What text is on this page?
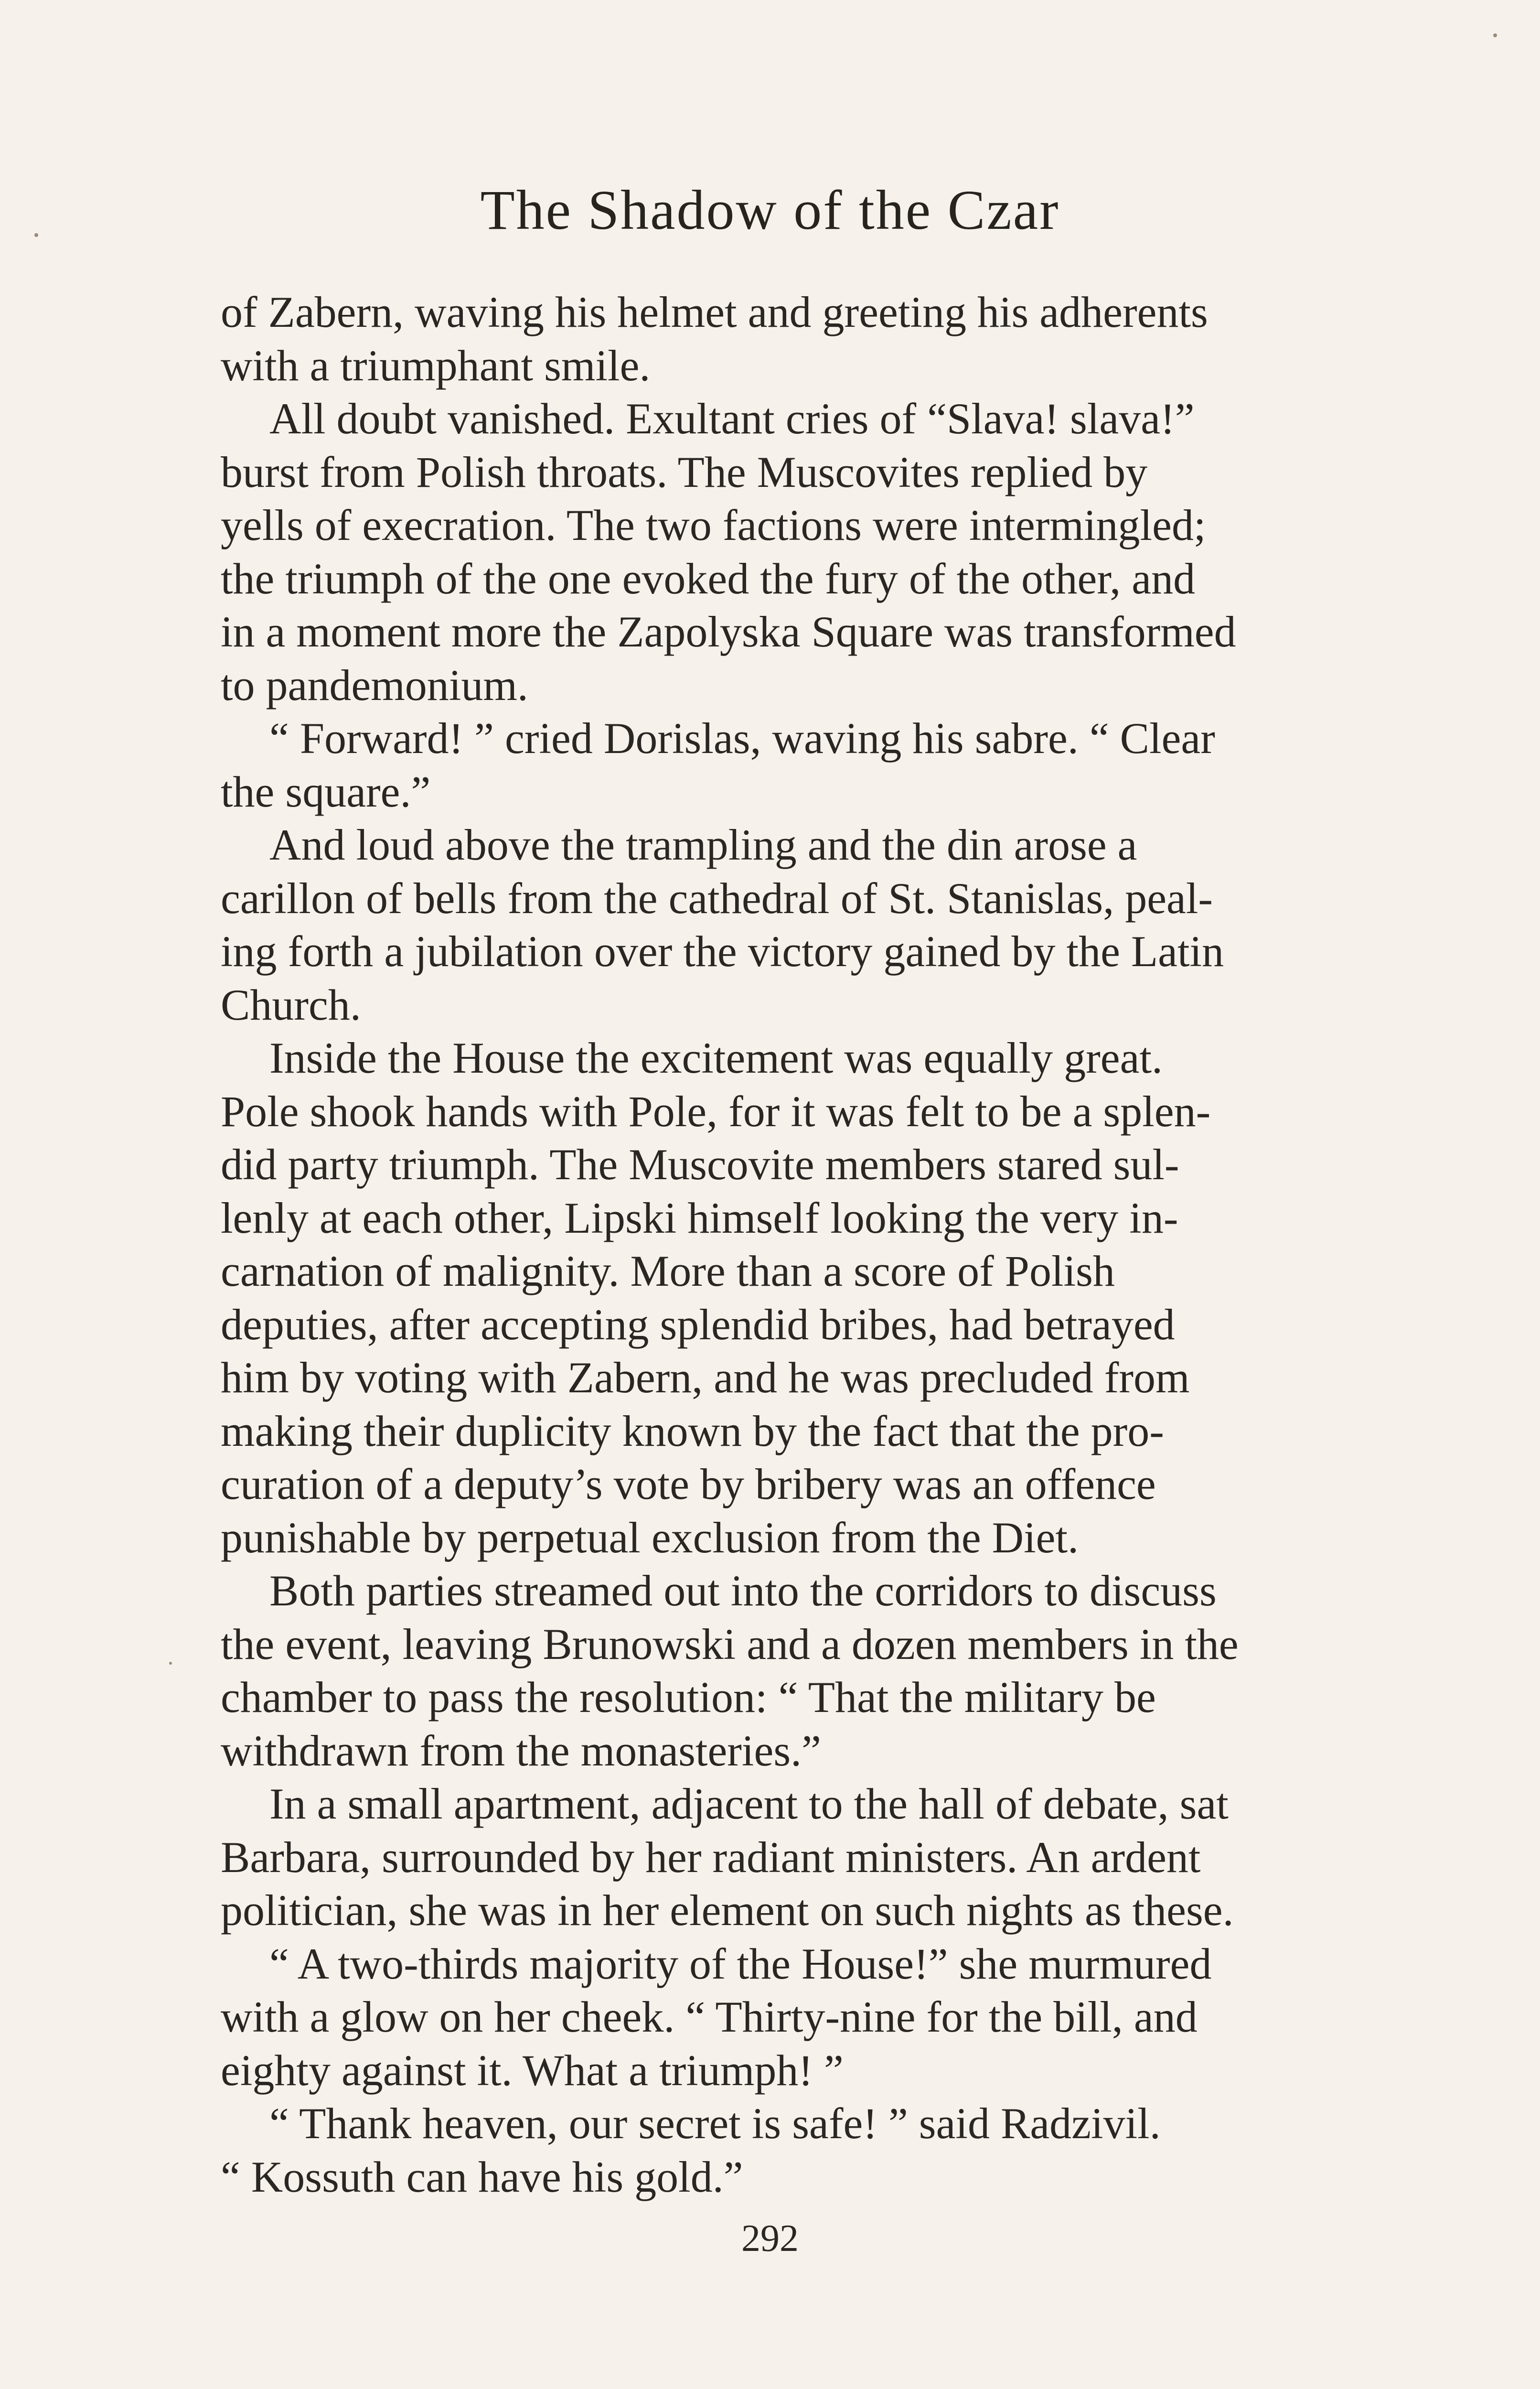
The Shadow of the Czar

of Zabern, waving his helmet and greeting his adherents
with a triumphant smile.

All doubt vanished. Exultant cries of “Slava! slava!”
burst from Polish throats. The Muscovites replied by
yells of execration. The two factions were intermingled;
the triumph of the one evoked the fury of the other, and
in a moment more the Zapolyska Square was transformed
to pandemonium.

“ Forward! ” cried Dorislas, waving his sabre. “ Clear
the square.”

And loud above the trampling and the din arose a
carillon of bells from the cathedral of St. Stanislas, peal-
ing forth a jubilation over the victory gained by the Latin
Church.

Inside the House the excitement was equally great.
Pole shook hands with Pole, for it was felt to be a splen-
did party triumph. The Muscovite members stared sul-
lenly at each other, Lipski himself looking the very in-
carnation of malignity. More than a score of Polish
deputies, after accepting splendid bribes, had betrayed
him by voting with Zabern, and he was precluded from
making their duplicity known by the fact that the pro-
curation of a deputy’s vote by bribery was an offence
punishable by perpetual exclusion from the Diet.

Both parties streamed out into the corridors to discuss
the event, leaving Brunowski and a dozen members in the
chamber to pass the resolution: “ That the military be
withdrawn from the monasteries.”

In a small apartment, adjacent to the hall of debate, sat
Barbara, surrounded by her radiant ministers. An ardent
politician, she was in her element on such nights as these.

“ A two-thirds majority of the House!” she murmured
with a glow on her cheek. “ Thirty-nine for the bill, and
eighty against it. What a triumph! ”

“ Thank heaven, our secret is safe! ” said Radzivil.
“ Kossuth can have his gold.”

292
